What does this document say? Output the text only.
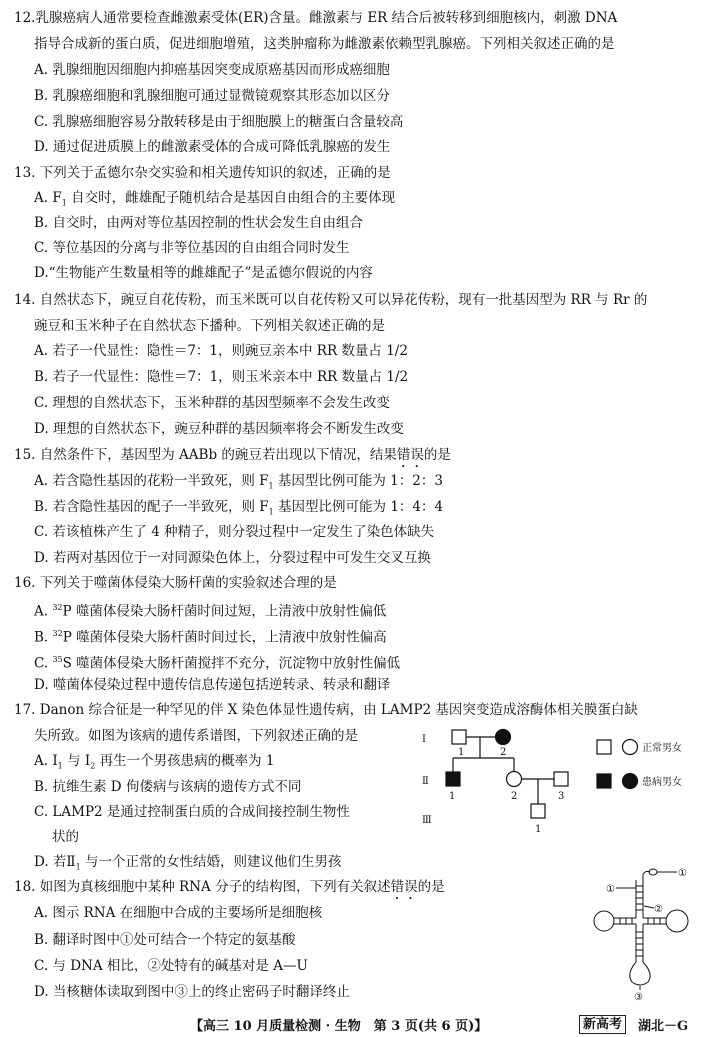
12.乳腺癌病人通常要检查雌激素受体(ER)含量。雌激素与 ER 结合后被转移到细胞核内，刺激 DNA
指导合成新的蛋白质，促进细胞增殖，这类肿瘤称为雌激素依赖型乳腺癌。下列相关叙述正确的是
A. 乳腺细胞因细胞内抑癌基因突变成原癌基因而形成癌细胞
B. 乳腺癌细胞和乳腺细胞可通过显微镜观察其形态加以区分
C. 乳腺癌细胞容易分散转移是由于细胞膜上的糖蛋白含量较高
D. 通过促进质膜上的雌激素受体的合成可降低乳腺癌的发生
13. 下列关于孟德尔杂交实验和相关遗传知识的叙述，正确的是
A. $F_1$ 自交时，雌雄配子随机结合是基因自由组合的主要体现
B. 自交时，由两对等位基因控制的性状会发生自由组合
C. 等位基因的分离与非等位基因的自由组合同时发生
D.“生物能产生数量相等的雌雄配子”是孟德尔假说的内容
14. 自然状态下，豌豆自花传粉，而玉米既可以自花传粉又可以异花传粉，现有一批基因型为 RR 与 Rr 的
豌豆和玉米种子在自然状态下播种。下列相关叙述正确的是
A. 若子一代显性：隐性＝7：1，则豌豆亲本中 RR 数量占 1/2
B. 若子一代显性：隐性＝7：1，则玉米亲本中 RR 数量占 1/2
C. 理想的自然状态下，玉米种群的基因型频率不会发生改变
D. 理想的自然状态下，豌豆种群的基因频率将会不断发生改变
15. 自然条件下，基因型为 AABb 的豌豆若出现以下情况，结果错误的是
A. 若含隐性基因的花粉一半致死，则 $F_1$ 基因型比例可能为 1：2：3
B. 若含隐性基因的配子一半致死，则 $F_1$ 基因型比例可能为 1：4：4
C. 若该植株产生了 4 种精子，则分裂过程中一定发生了染色体缺失
D. 若两对基因位于一对同源染色体上，分裂过程中可发生交叉互换
16. 下列关于噬菌体侵染大肠杆菌的实验叙述合理的是
A. $^{32}$P 噬菌体侵染大肠杆菌时间过短，上清液中放射性偏低
B. $^{32}$P 噬菌体侵染大肠杆菌时间过长，上清液中放射性偏高
C. $^{35}$S 噬菌体侵染大肠杆菌搅拌不充分，沉淀物中放射性偏低
D. 噬菌体侵染过程中遗传信息传递包括逆转录、转录和翻译
17. Danon 综合征是一种罕见的伴 X 染色体显性遗传病，由 LAMP2 基因突变造成溶酶体相关膜蛋白缺
失所致。如图为该病的遗传系谱图，下列叙述正确的是
A. $Ⅰ_1$ 与 $Ⅰ_2$ 再生一个男孩患病的概率为 1
B. 抗维生素 D 佝偻病与该病的遗传方式不同
C. LAMP2 是通过控制蛋白质的合成间接控制生物性
状的
D. 若$Ⅱ_1$ 与一个正常的女性结婚，则建议他们生男孩
Ⅰ
Ⅱ
Ⅲ
1	2
1	2	3
1
正常男女
患病男女
18. 如图为真核细胞中某种 RNA 分子的结构图，下列有关叙述错误的是
A. 图示 RNA 在细胞中合成的主要场所是细胞核
B. 翻译时图中①处可结合一个特定的氨基酸
C. 与 DNA 相比，②处特有的碱基对是 A—U
D. 当核糖体读取到图中③上的终止密码子时翻译终止
①
①
②
③
【高三 10 月质量检测 · 生物　第 3 页(共 6 页)】	新高考	湖北－G
